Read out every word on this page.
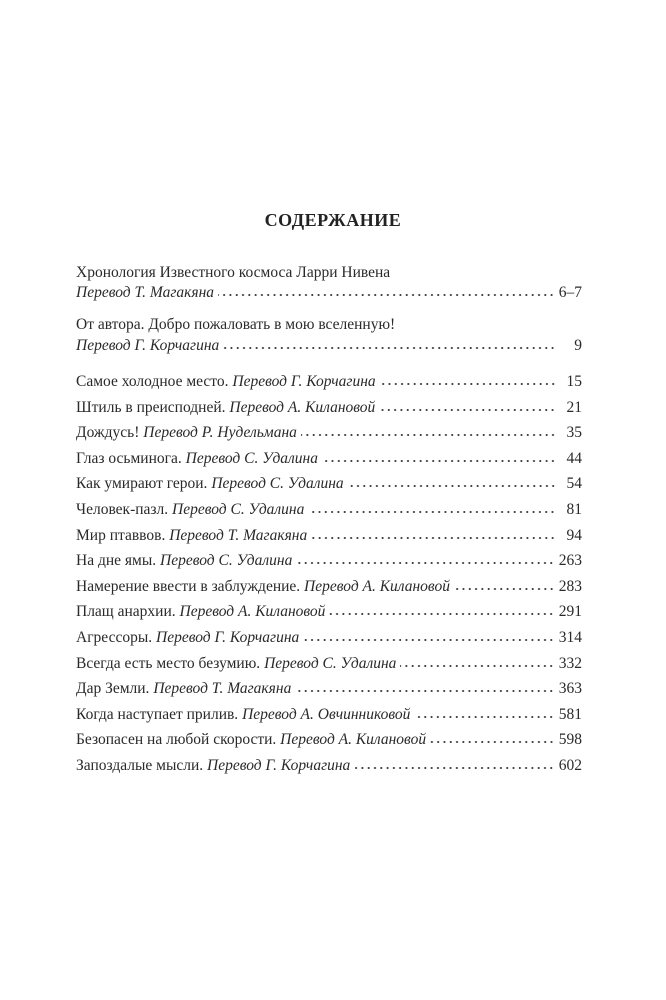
СОДЕРЖАНИЕ
Хронология Известного космоса Ларри Нивена
Перевод Т. Магакяна	6–7
От автора. Добро пожаловать в мою вселенную!
Перевод Г. Корчагина	9
Самое холодное место. Перевод Г. Корчагина	15
Штиль в преисподней. Перевод А. Килановой	21
Дождусь! Перевод Р. Нудельмана	35
Глаз осьминога. Перевод С. Удалина	44
Как умирают герои. Перевод С. Удалина	54
Человек-пазл. Перевод С. Удалина	81
Мир птаввов. Перевод Т. Магакяна	94
На дне ямы. Перевод С. Удалина	263
Намерение ввести в заблуждение. Перевод А. Килановой	283
Плащ анархии. Перевод А. Килановой	291
Агрессоры. Перевод Г. Корчагина	314
Всегда есть место безумию. Перевод С. Удалина	332
Дар Земли. Перевод Т. Магакяна	363
Когда наступает прилив. Перевод А. Овчинниковой	581
Безопасен на любой скорости. Перевод А. Килановой	598
Запоздалые мысли. Перевод Г. Корчагина	602
